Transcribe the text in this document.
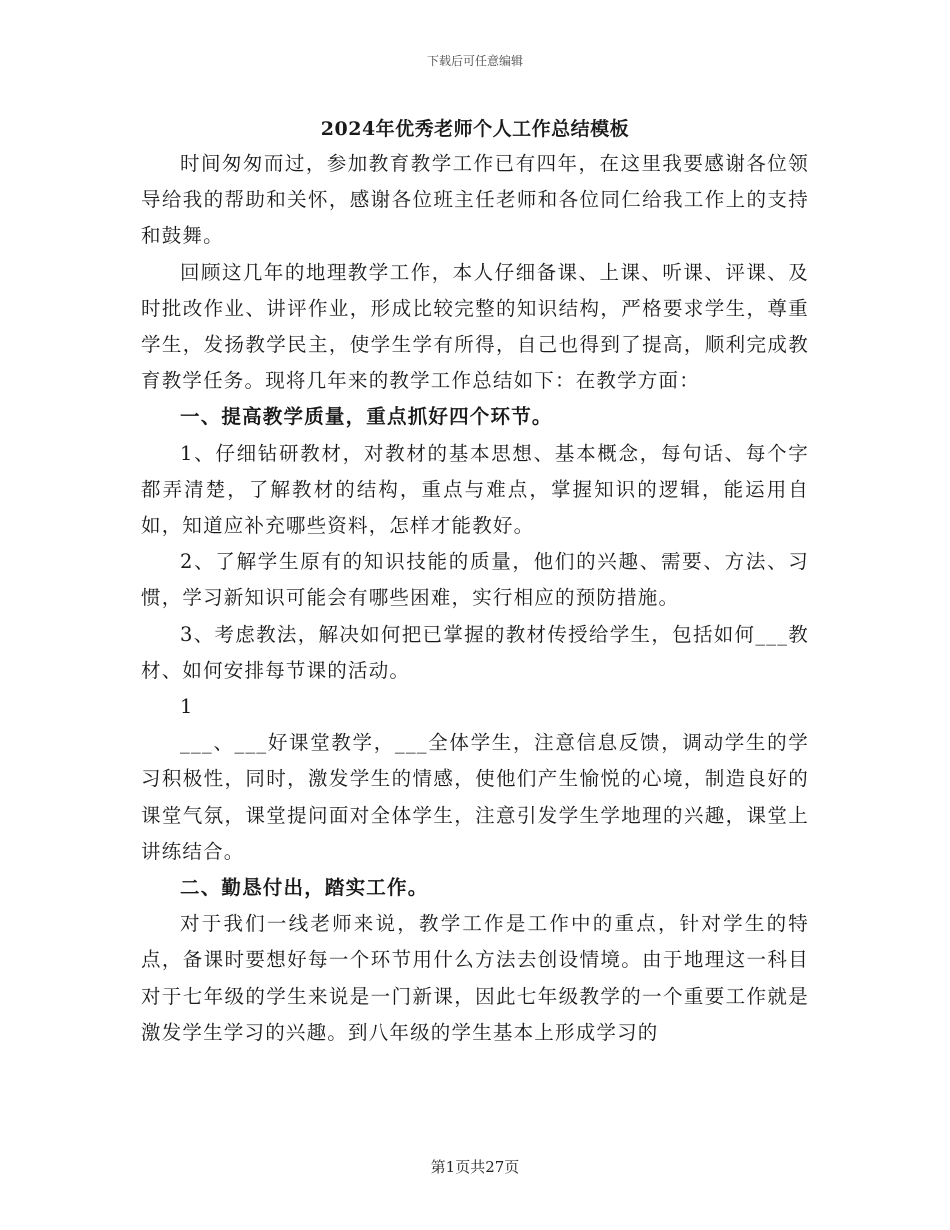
下载后可任意编辑
2024年优秀老师个人工作总结模板

时间匆匆而过，参加教育教学工作已有四年，在这里我要感谢各位领导给我的帮助和关怀，感谢各位班主任老师和各位同仁给我工作上的支持和鼓舞。

回顾这几年的地理教学工作，本人仔细备课、上课、听课、评课、及时批改作业、讲评作业，形成比较完整的知识结构，严格要求学生，尊重学生，发扬教学民主，使学生学有所得，自己也得到了提高，顺利完成教育教学任务。现将几年来的教学工作总结如下：在教学方面：

一、提高教学质量，重点抓好四个环节。

1、仔细钻研教材，对教材的基本思想、基本概念，每句话、每个字都弄清楚，了解教材的结构，重点与难点，掌握知识的逻辑，能运用自如，知道应补充哪些资料，怎样才能教好。

2、了解学生原有的知识技能的质量，他们的兴趣、需要、方法、习惯，学习新知识可能会有哪些困难，实行相应的预防措施。

3、考虑教法，解决如何把已掌握的教材传授给学生，包括如何___教材、如何安排每节课的活动。

1

___、___好课堂教学，___全体学生，注意信息反馈，调动学生的学习积极性，同时，激发学生的情感，使他们产生愉悦的心境，制造良好的课堂气氛，课堂提问面对全体学生，注意引发学生学地理的兴趣，课堂上讲练结合。

二、勤恳付出，踏实工作。

对于我们一线老师来说，教学工作是工作中的重点，针对学生的特点，备课时要想好每一个环节用什么方法去创设情境。由于地理这一科目对于七年级的学生来说是一门新课，因此七年级教学的一个重要工作就是激发学生学习的兴趣。到八年级的学生基本上形成学习的

第1页共27页
